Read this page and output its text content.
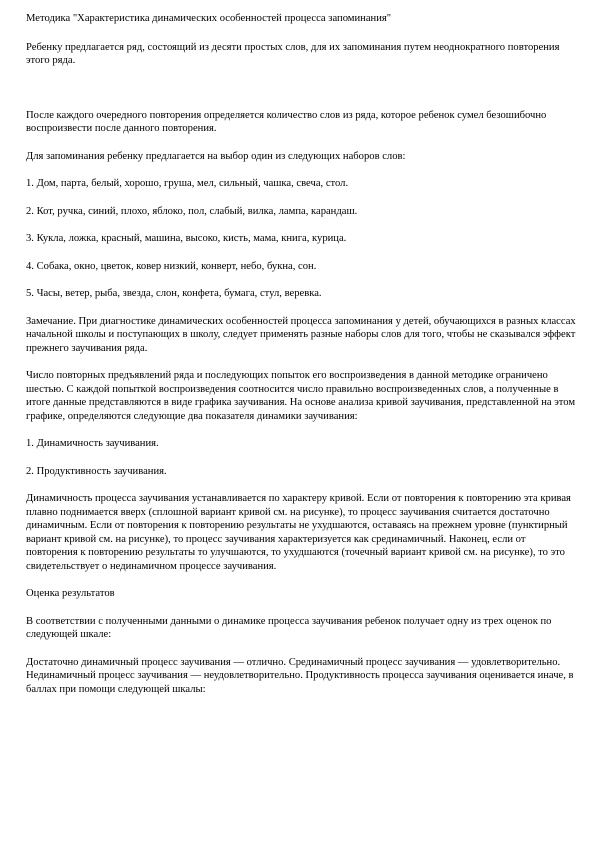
Методика "Характеристика динамических особенностей процесса запоминания"

Ребенку предлагается ряд, состоящий из десяти простых слов, для их запоминания путем неоднократного повторения этого ряда.

После каждого очередного повторения определяется количество слов из ряда, которое ребенок сумел безошибочно воспроизвести после данного повторения.

Для запоминания ребенку предлагается на выбор один из следующих наборов слов:

1. Дом, парта, белый, хорошо, груша, мел, сильный, чашка, свеча, стол.

2. Кот, ручка, синий, плохо, яблоко, пол, слабый, вилка, лампа, карандаш.

3. Кукла, ложка, красный, машина, высоко, кисть, мама, книга, курица.

4. Собака, окно, цветок, ковер низкий, конверт, небо, букна, сон.

5. Часы, ветер, рыба, звезда, слон, конфета, бумага, стул, веревка.

Замечание. При диагностике динамических особенностей процесса запоминания у детей, обучающихся в разных классах начальной школы и поступающих в школу, следует применять разные наборы слов для того, чтобы не сказывался эффект прежнего заучивания ряда.

Число повторных предъявлений ряда и последующих попыток его воспроизведения в данной методике ограничено шестью. С каждой попыткой воспроизведения соотносится число правильно воспроизведенных слов, а полученные в итоге данные представляются в виде графика заучивания. На основе анализа кривой заучивания, представленной на этом графике, определяются следующие два показателя динамики заучивания:

1. Динамичность заучивания.

2. Продуктивность заучивания.

Динамичность процесса заучивания устанавливается по характеру кривой. Если от повторения к повторению эта кривая плавно поднимается вверх (сплошной вариант кривой см. на рисунке), то процесс заучивания считается достаточно динамичным. Если от повторения к повторению результаты не ухудшаются, оставаясь на прежнем уровне (пунктирный вариант кривой см. на рисунке), то процесс заучивания характеризуется как срединамичный. Наконец, если от повторения к повторению результаты то улучшаются, то ухудшаются (точечный вариант кривой см. на рисунке), то это свидетельствует о нединамичном процессе заучивания.

Оценка результатов

В соответствии с полученными данными о динамике процесса заучивания ребенок получает одну из трех оценок по следующей шкале:

Достаточно динамичный процесс заучивания — отлично. Срединамичный процесс заучивания — удовлетворительно. Нединамичный процесс заучивания — неудовлетворительно. Продуктивность процесса заучивания оценивается иначе, в баллах при помощи следующей шкалы:
